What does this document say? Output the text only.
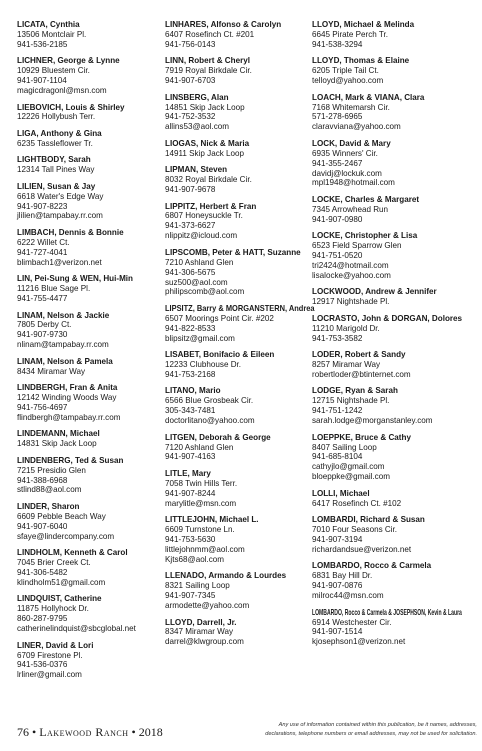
LICATA, Cynthia
13506 Montclair Pl.
941-536-2185
LICHNER, George & Lynne
10929 Bluestem Cir.
941-907-1104
magicdragonl@msn.com
LIEBOVICH, Louis & Shirley
12226 Hollybush Terr.
LIGA, Anthony & Gina
6235 Tassleflower Tr.
LIGHTBODY, Sarah
12314 Tall Pines Way
LILIEN, Susan & Jay
6618 Water's Edge Way
941-907-8223
jlilien@tampabay.rr.com
LIMBACH, Dennis & Bonnie
6222 Willet Ct.
941-727-4041
blimbach1@verizon.net
LIN, Pei-Sung & WEN, Hui-Min
11216 Blue Sage Pl.
941-755-4477
LINAM, Nelson & Jackie
7805 Derby Ct.
941-907-9730
nlinam@tampabay.rr.com
LINAM, Nelson & Pamela
8434 Miramar Way
LINDBERGH, Fran & Anita
12142 Winding Woods Way
941-756-4697
flindbergh@tampabay.rr.com
LINDEMANN, Michael
14831 Skip Jack Loop
LINDENBERG, Ted & Susan
7215 Presidio Glen
941-388-6968
stlind88@aol.com
LINDER, Sharon
6609 Pebble Beach Way
941-907-6040
sfaye@lindercompany.com
LINDHOLM, Kenneth & Carol
7045 Brier Creek Ct.
941-306-5482
klindholm51@gmail.com
LINDQUIST, Catherine
11875 Hollyhock Dr.
860-287-9795
catherinelindquist@sbcglobal.net
LINER, David & Lori
6709 Firestone Pl.
941-536-0376
lrliner@gmail.com
LINHARES, Alfonso & Carolyn
6407 Rosefinch Ct. #201
941-756-0143
LINN, Robert & Cheryl
7919 Royal Birkdale Cir.
941-907-6703
LINSBERG, Alan
14851 Skip Jack Loop
941-752-3532
allins53@aol.com
LIOGAS, Nick & Maria
14911 Skip Jack Loop
LIPMAN, Steven
8032 Royal Birkdale Cir.
941-907-9678
LIPPITZ, Herbert & Fran
6807 Honeysuckle Tr.
941-373-6627
nlippitz@icloud.com
LIPSCOMB, Peter & HATT, Suzanne
7210 Ashland Glen
941-306-5675
suz500@aol.com
philipscomb@aol.com
LIPSITZ, Barry & MORGANSTERN, Andrea
6507 Moorings Point Cir. #202
941-822-8533
blipsitz@gmail.com
LISABET, Bonifacio & Eileen
12233 Clubhouse Dr.
941-753-2168
LITANO, Mario
6566 Blue Grosbeak Cir.
305-343-7481
doctorlitano@yahoo.com
LITGEN, Deborah & George
7120 Ashland Glen
941-907-4163
LITLE, Mary
7058 Twin Hills Terr.
941-907-8244
marylitle@msn.com
LITTLEJOHN, Michael L.
6609 Turnstone Ln.
941-753-5630
littlejohnmm@aol.com
Kjts68@aol.com
LLENADO, Armando & Lourdes
8321 Sailing Loop
941-907-7345
armodette@yahoo.com
LLOYD, Darrell, Jr.
8347 Miramar Way
darrel@klwgroup.com
LLOYD, Michael & Melinda
6645 Pirate Perch Tr.
941-538-3294
LLOYD, Thomas & Elaine
6205 Triple Tail Ct.
telloyd@yahoo.com
LOACH, Mark & VIANA, Clara
7168 Whitemarsh Cir.
571-278-6965
claravviana@yahoo.com
LOCK, David & Mary
6935 Winners' Cir.
941-355-2467
davidj@lockuk.com
mpl1948@hotmail.com
LOCKE, Charles & Margaret
7345 Arrowhead Run
941-907-0980
LOCKE, Christopher & Lisa
6523 Field Sparrow Glen
941-751-0520
tri2424@hotmail.com
lisalocke@yahoo.com
LOCKWOOD, Andrew & Jennifer
12917 Nightshade Pl.
LOCRASTO, John & DORGAN, Dolores
11210 Marigold Dr.
941-753-3582
LODER, Robert & Sandy
8257 Miramar Way
robertloder@btinternet.com
LODGE, Ryan & Sarah
12715 Nightshade Pl.
941-751-1242
sarah.lodge@morganstanley.com
LOEPPKE, Bruce & Cathy
8407 Sailing Loop
941-685-8104
cathyjlo@gmail.com
bloeppke@gmail.com
LOLLI, Michael
6417 Rosefinch Ct. #102
LOMBARDI, Richard & Susan
7010 Four Seasons Cir.
941-907-3194
richardandsue@verizon.net
LOMBARDO, Rocco & Carmela
6831 Bay Hill Dr.
941-907-0876
milroc44@msn.com
LOMBARDO, Rocco & Carmela & JOSEPHSON, Kevin & Laura
6914 Westchester Cir.
941-907-1514
kjosephson1@verizon.net
76 • Lakewood Ranch • 2018	Any use of information contained within this publication, be it names, addresses,
declarations, telephone numbers or email addresses, may not be used for solicitation.
